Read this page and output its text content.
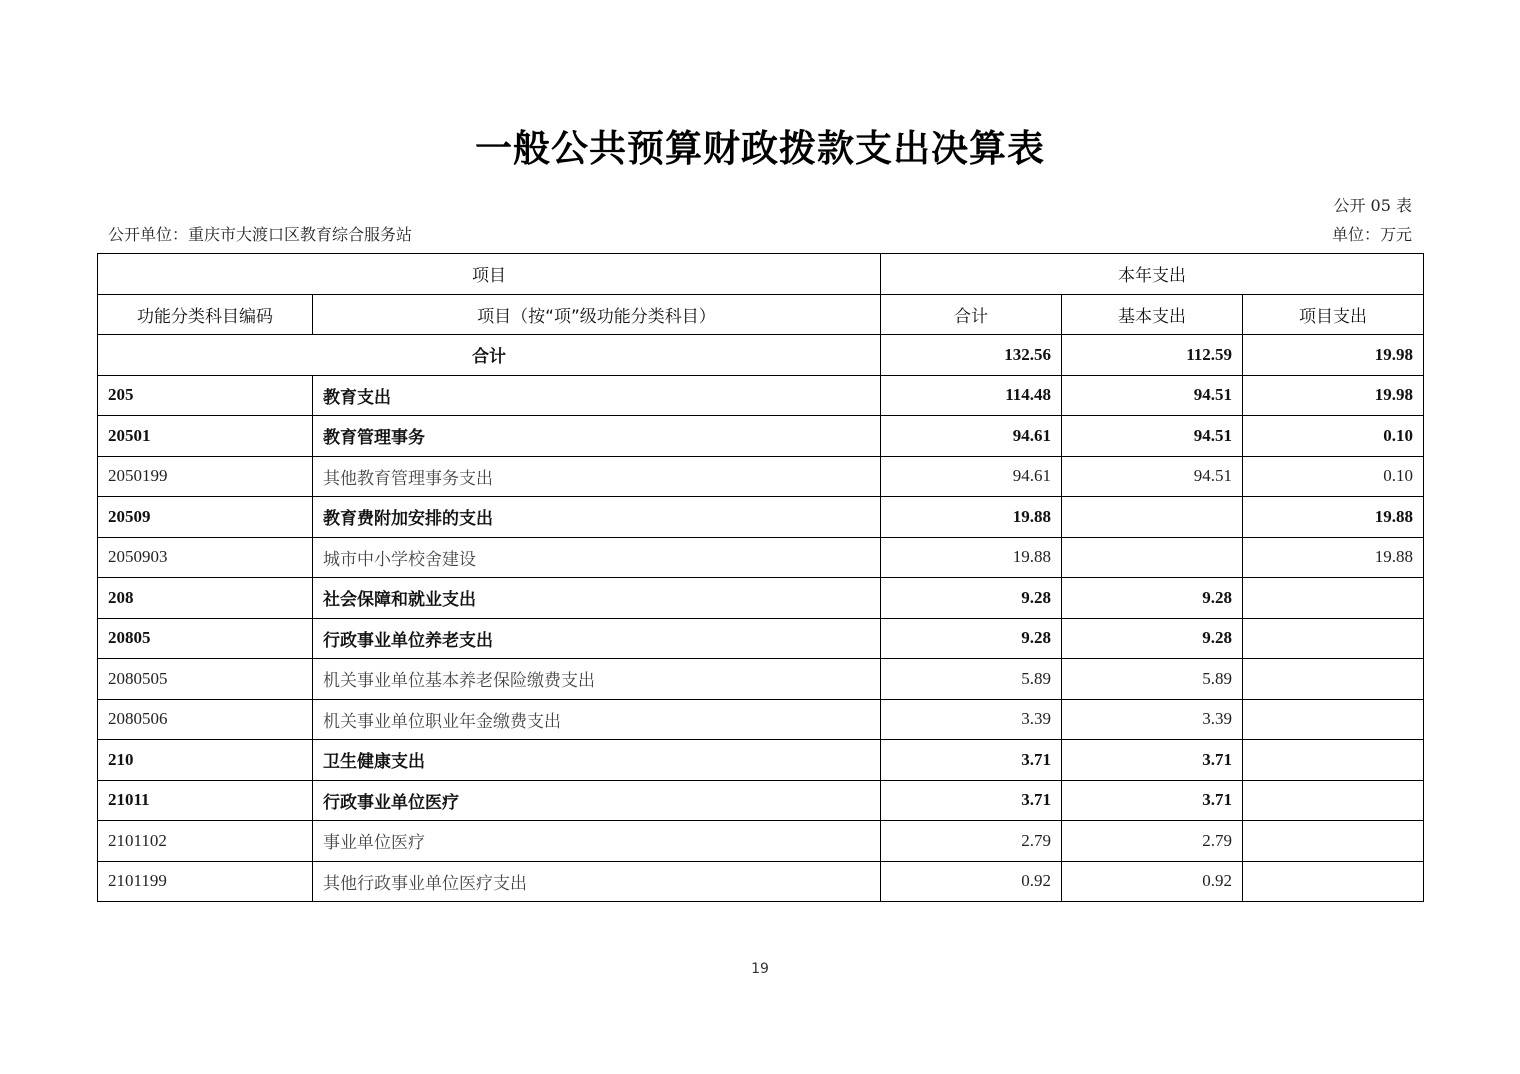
一般公共预算财政拨款支出决算表
公开 05 表
公开单位：重庆市大渡口区教育综合服务站	单位：万元
项目		本年支出		
功能分类科目编码	项目（按“项”级功能分类科目）	合计	基本支出	项目支出
合计		132.56	112.59	19.98
205	教育支出	114.48	94.51	19.98
20501	教育管理事务	94.61	94.51	0.10
2050199	其他教育管理事务支出	94.61	94.51	0.10
20509	教育费附加安排的支出	19.88		19.88
2050903	城市中小学校舍建设	19.88		19.88
208	社会保障和就业支出	9.28	9.28	
20805	行政事业单位养老支出	9.28	9.28	
2080505	机关事业单位基本养老保险缴费支出	5.89	5.89	
2080506	机关事业单位职业年金缴费支出	3.39	3.39	
210	卫生健康支出	3.71	3.71	
21011	行政事业单位医疗	3.71	3.71	
2101102	事业单位医疗	2.79	2.79	
2101199	其他行政事业单位医疗支出	0.92	0.92	
19
